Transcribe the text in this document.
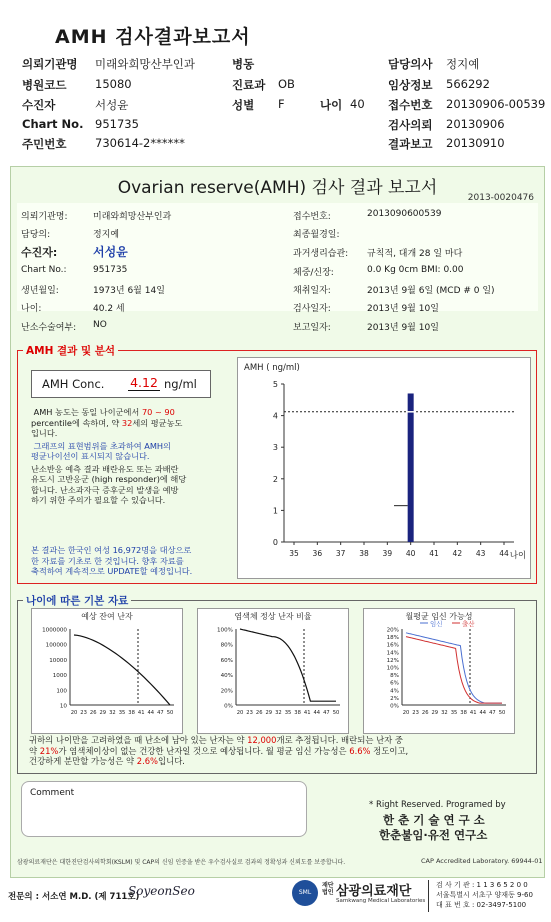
AMH 검사결과보고서
의뢰기관명 미래와희망산부인과
병원코드 15080
수진자	서성윤
Chart No. 951735
주민번호 730614-2******
병동
진료과 OB
성별 F	나이 40
담당의사 정지예
임상정보 566292
접수번호 20130906-00539
검사의뢰 20130906
결과보고 20130910
Ovarian reserve(AMH) 검사 결과 보고서	2013-0020476
의뢰기관명:	미래와희망산부인과
담당의:	정지예
수진자:	서성윤
Chart No.:	951735
생년월일:	1973년 6월 14일
나이:	40.2 세
접수번호:	2013090600539
최종월경일:
과거생리습관: 규칙적, 대개 28 일 마다
체중/신장:	0.0 Kg 0cm BMI: 0.00
채취일자:	2013년 9월 6일 (MCD # 0 일)
검사일자:	2013년 9월 10일
난소수술여부: NO	보고일자:	2013년 9월 10일
AMH 결과 및 분석
AMH Conc. 4.12 ng/ml
AMH 농도는 동일 나이군에서 70 ~ 90
percentile에 속하며, 약 32세의 평균농도
입니다.
그래프의 표현범위를 초과하여 AMH의
평균나이선이 표시되지 않습니다.
난소반응 예측 결과 배란유도 또는 과배란
유도시 고반응군 (high responder)에 해당
합니다. 난소과자극 증후군의 발생을 예방
하기 위한 주의가 필요할 수 있습니다.
본 결과는 한국인 여성 16,972명을 대상으로
한 자료를 기초로 한 것입니다. 향후 자료를
축적하여 계속적으로 UPDATE할 예정입니다.
AMH ( ng/ml)
0
1
2
3
4
5
35 36 37 38 39 40 41 42 43 44 나이
나이에 따른 기본 자료
예상 잔여 난자
1000000
100000
10000
1000
100
10
20 23 26 29 32 35 38 41 44 47 50
염색체 정상 난자 비율
100%
80%
60%
40%
20%
0%
20 23 26 29 32 35 38 41 44 47 50
월평균 임신 가능성
20%
18%
16%
14%
12%
10%
8%
6%
4%
2%
0%
20 23 26 29 32 35 38 41 44 47 50
임신	출산
귀하의 나이만을 고려하였을 때 난소에 남아 있는 난자는 약 12,000개로 추정됩니다. 배란되는 난자 중
약 21%가 염색체이상이 없는 건강한 난자일 것으로 예상됩니다. 월 평균 임신 가능성은 6.6% 정도이고,
건강하게 분만할 가능성은 약 2.6%입니다.
Comment
* Right Reserved. Programed by
한 춘 기 술 연 구 소
한춘불임·유전 연구소
삼광의료재단은 대한진단검사의학회(KSLM) 및 CAP의 신임 인증을 받은 우수검사실로 검과의 정확성과 신뢰도를 보증합니다.	CAP Accredited Laboratory. 69944-01
전문의 : 서소연 M.D. (제 711호)
SoyeonSeo	SML
재단
법인 삼광의료재단
Samkwang Medical Laboratories
검 사 기 관 : 1 1 3 6 5 2 0 0
서울특별시 서초구 양재동 9-60
대 표 번 호 : 02-3497-5100
